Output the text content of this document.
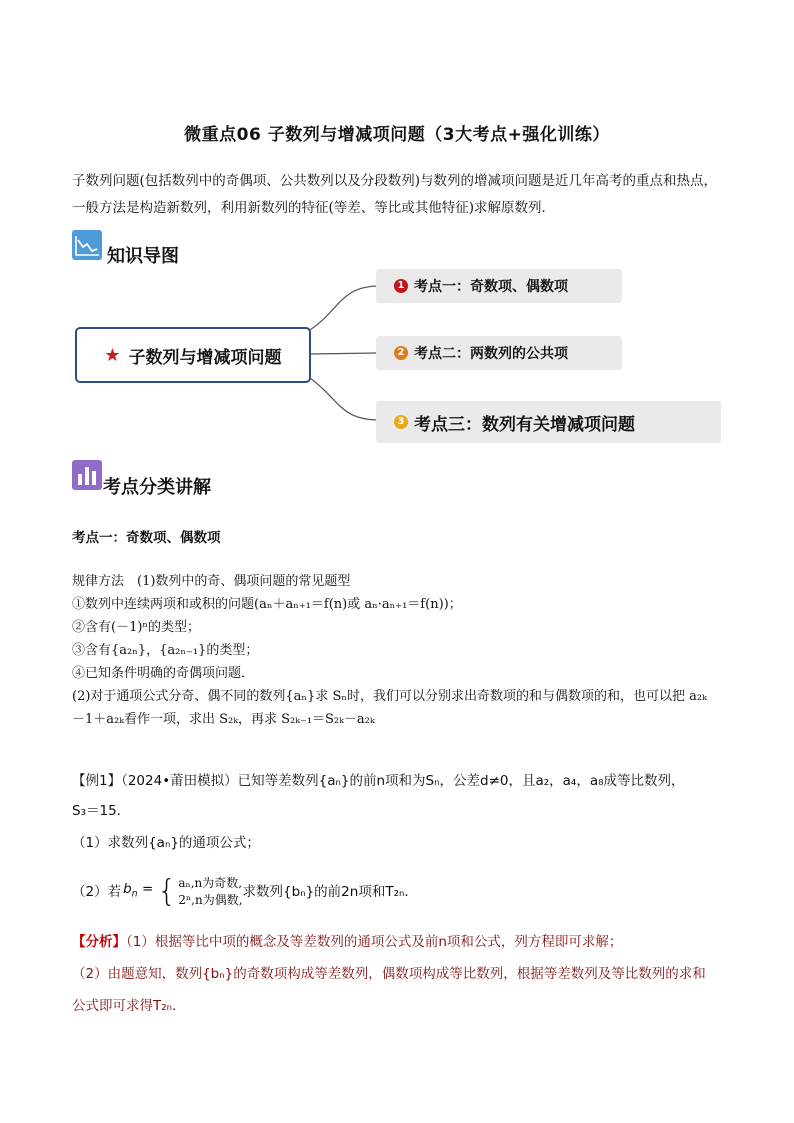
微重点06 子数列与增减项问题（3大考点+强化训练）
子数列问题(包括数列中的奇偶项、公共数列以及分段数列)与数列的增减项问题是近几年高考的重点和热点，
一般方法是构造新数列，利用新数列的特征(等差、等比或其他特征)求解原数列．
知识导图
★ 子数列与增减项问题
1 考点一：奇数项、偶数项
2 考点二：两数列的公共项
3 考点三：数列有关增减项问题
考点分类讲解
考点一：奇数项、偶数项
规律方法　(1)数列中的奇、偶项问题的常见题型
①数列中连续两项和或积的问题(aₙ＋aₙ₊₁＝f(n)或 aₙ·aₙ₊₁＝f(n))；
②含有(－1)ⁿ的类型；
③含有{a₂ₙ}，{a₂ₙ₋₁}的类型；
④已知条件明确的奇偶项问题．
(2)对于通项公式分奇、偶不同的数列{aₙ}求 Sₙ时，我们可以分别求出奇数项的和与偶数项的和，也可以把 a₂ₖ
－1＋a₂ₖ看作一项，求出 S₂ₖ，再求 S₂ₖ₋₁＝S₂ₖ－a₂ₖ
【例1】（2024•莆田模拟）已知等差数列{aₙ}的前n项和为Sₙ，公差d≠0，且a₂，a₄，a₈成等比数列，
S₃＝15．
（1）求数列{aₙ}的通项公式；
（2）若 $b_n$ = { aₙ,n为奇数,
2ⁿ,n为偶数, 求数列{bₙ}的前2n项和T₂ₙ．
【分析】（1）根据等比中项的概念及等差数列的通项公式及前n项和公式，列方程即可求解；
（2）由题意知，数列{bₙ}的奇数项构成等差数列，偶数项构成等比数列，根据等差数列及等比数列的求和
公式即可求得T₂ₙ．
